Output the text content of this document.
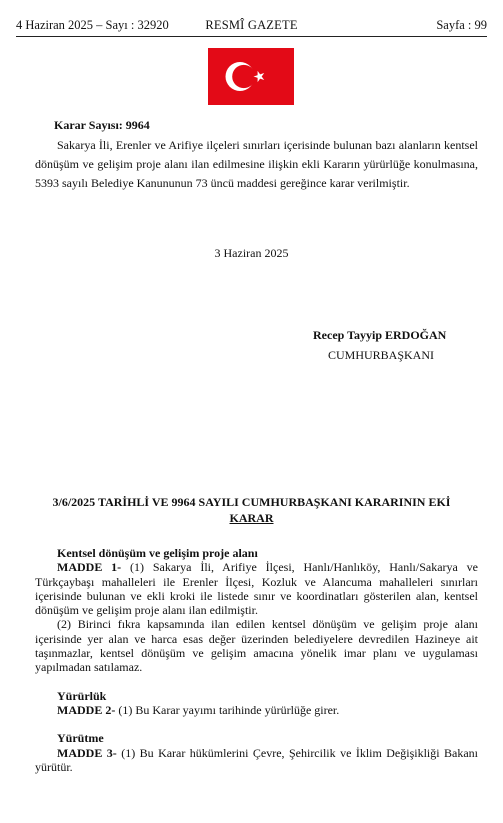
4 Haziran 2025 – Sayı : 32920	RESMÎ GAZETE	Sayfa : 99
Karar Sayısı: 9964

Sakarya İli, Erenler ve Arifiye ilçeleri sınırları içerisinde bulunan bazı alanların kentsel dönüşüm ve gelişim proje alanı ilan edilmesine ilişkin ekli Kararın yürürlüğe konulmasına, 5393 sayılı Belediye Kanununun 73 üncü maddesi gereğince karar verilmiştir.

3 Haziran 2025
Recep Tayyip ERDOĞAN
CUMHURBAŞKANI
3/6/2025 TARİHLİ VE 9964 SAYILI CUMHURBAŞKANI KARARININ EKİ
KARAR

Kentsel dönüşüm ve gelişim proje alanı

MADDE 1- (1) Sakarya İli, Arifiye İlçesi, Hanlı/Hanlıköy, Hanlı/Sakarya ve Türkçaybaşı mahalleleri ile Erenler İlçesi, Kozluk ve Alancuma mahalleleri sınırları içerisinde bulunan ve ekli kroki ile listede sınır ve koordinatları gösterilen alan, kentsel dönüşüm ve gelişim proje alanı ilan edilmiştir.

(2) Birinci fıkra kapsamında ilan edilen kentsel dönüşüm ve gelişim proje alanı içerisinde yer alan ve harca esas değer üzerinden belediyelere devredilen Hazineye ait taşınmazlar, kentsel dönüşüm ve gelişim amacına yönelik imar planı ve uygulaması yapılmadan satılamaz.

Yürürlük

MADDE 2- (1) Bu Karar yayımı tarihinde yürürlüğe girer.

Yürütme

MADDE 3- (1) Bu Karar hükümlerini Çevre, Şehircilik ve İklim Değişikliği Bakanı yürütür.
